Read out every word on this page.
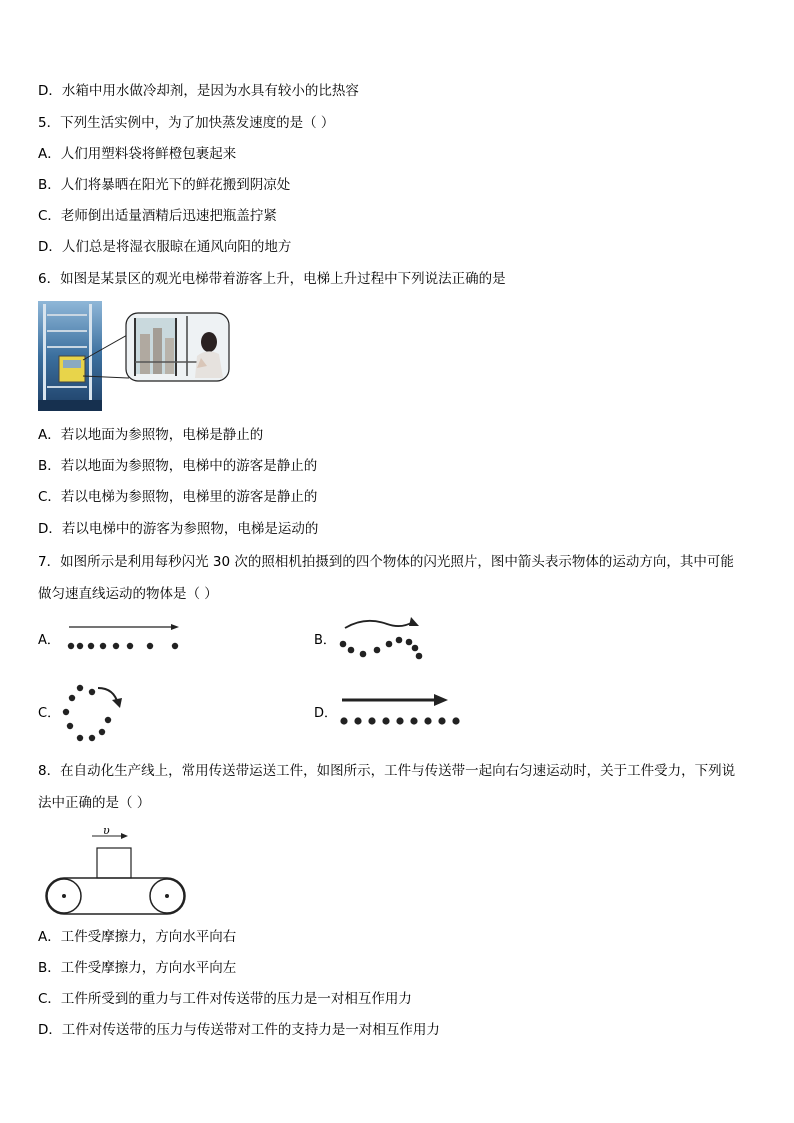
D．水箱中用水做冷却剂，是因为水具有较小的比热容
5．下列生活实例中，为了加快蒸发速度的是（ ）
A．人们用塑料袋将鲜橙包裹起来
B．人们将暴晒在阳光下的鲜花搬到阴凉处
C．老师倒出适量酒精后迅速把瓶盖拧紧
D．人们总是将湿衣服晾在通风向阳的地方
6．如图是某景区的观光电梯带着游客上升，电梯上升过程中下列说法正确的是
A．若以地面为参照物，电梯是静止的
B．若以地面为参照物，电梯中的游客是静止的
C．若以电梯为参照物，电梯里的游客是静止的
D．若以电梯中的游客为参照物，电梯是运动的
7．如图所示是利用每秒闪光 30 次的照相机拍摄到的四个物体的闪光照片，图中箭头表示物体的运动方向，其中可能
做匀速直线运动的物体是（ ）
A．	B．
C．	D．
8．在自动化生产线上，常用传送带运送工件，如图所示，工件与传送带一起向右匀速运动时，关于工件受力，下列说
法中正确的是（ ）
υ
A．工件受摩擦力，方向水平向右
B．工件受摩擦力，方向水平向左
C．工件所受到的重力与工件对传送带的压力是一对相互作用力
D．工件对传送带的压力与传送带对工件的支持力是一对相互作用力
